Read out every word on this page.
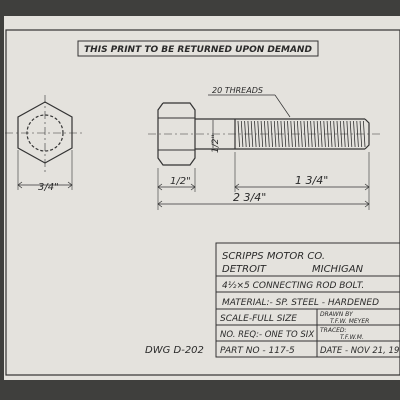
THIS PRINT TO BE RETURNED UPON DEMAND
3/4"
20 THREADS
1/2"
1/2"	1 3/4"
2 3/4"
DWG D-202
SCRIPPS MOTOR CO.
DETROIT	MICHIGAN
4½×5 CONNECTING ROD BOLT.
MATERIAL:- SP. STEEL - HARDENED
SCALE-FULL SIZE	DRAWN BY
T.F.W. MEYER
NO. REQ:- ONE TO SIX TRACED:
T.F.W.M.
PART NO - 117-5	DATE - NOV 21, 19
